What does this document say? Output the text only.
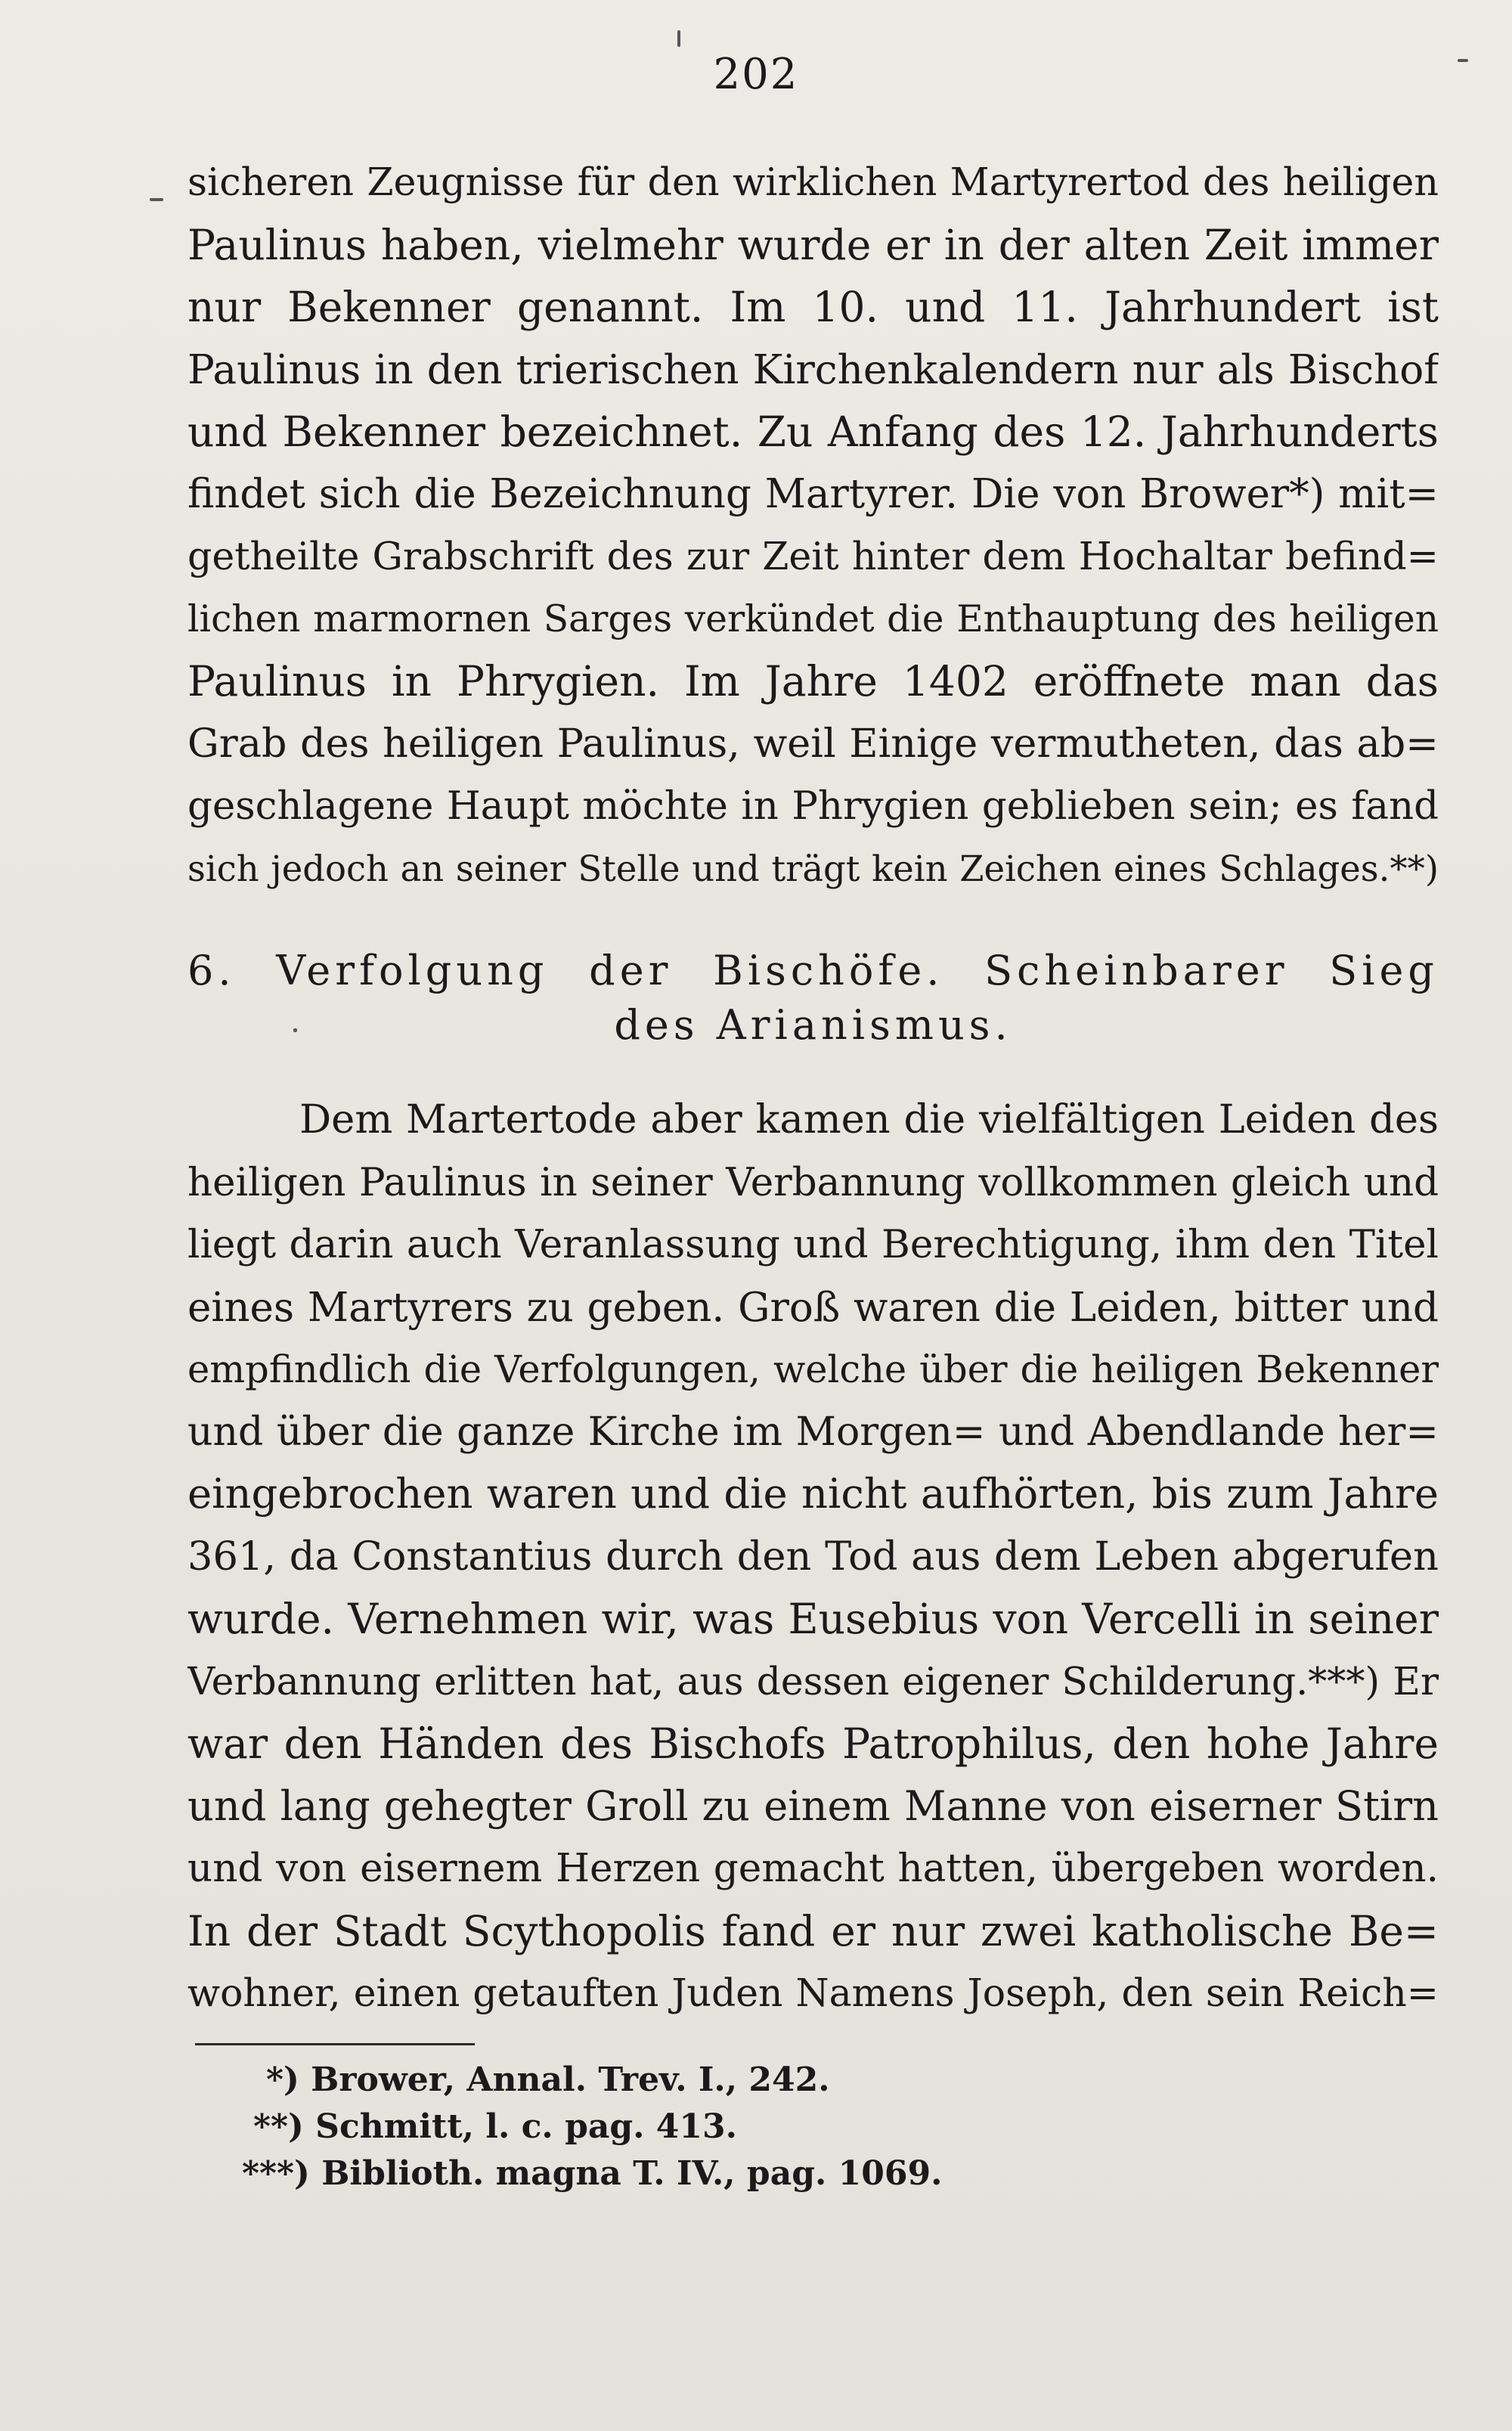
202
sicheren Zeugnisse für den wirklichen Martyrertod des heiligen
Paulinus haben, vielmehr wurde er in der alten Zeit immer
nur Bekenner genannt. Im 10. und 11. Jahrhundert ist
Paulinus in den trierischen Kirchenkalendern nur als Bischof
und Bekenner bezeichnet. Zu Anfang des 12. Jahrhunderts
findet sich die Bezeichnung Martyrer. Die von Brower*) mit=
getheilte Grabschrift des zur Zeit hinter dem Hochaltar befind=
lichen marmornen Sarges verkündet die Enthauptung des heiligen
Paulinus in Phrygien. Im Jahre 1402 eröffnete man das
Grab des heiligen Paulinus, weil Einige vermutheten, das ab=
geschlagene Haupt möchte in Phrygien geblieben sein; es fand
sich jedoch an seiner Stelle und trägt kein Zeichen eines Schlages.**)
6. Verfolgung der Bischöfe. Scheinbarer Sieg
des Arianismus.
Dem Martertode aber kamen die vielfältigen Leiden des
heiligen Paulinus in seiner Verbannung vollkommen gleich und
liegt darin auch Veranlassung und Berechtigung, ihm den Titel
eines Martyrers zu geben. Groß waren die Leiden, bitter und
empfindlich die Verfolgungen, welche über die heiligen Bekenner
und über die ganze Kirche im Morgen= und Abendlande her=
eingebrochen waren und die nicht aufhörten, bis zum Jahre
361, da Constantius durch den Tod aus dem Leben abgerufen
wurde. Vernehmen wir, was Eusebius von Vercelli in seiner
Verbannung erlitten hat, aus dessen eigener Schilderung.***) Er
war den Händen des Bischofs Patrophilus, den hohe Jahre
und lang gehegter Groll zu einem Manne von eiserner Stirn
und von eisernem Herzen gemacht hatten, übergeben worden.
In der Stadt Scythopolis fand er nur zwei katholische Be=
wohner, einen getauften Juden Namens Joseph, den sein Reich=
*) Brower, Annal. Trev. I., 242.
**) Schmitt, l. c. pag. 413.
***) Biblioth. magna T. IV., pag. 1069.
